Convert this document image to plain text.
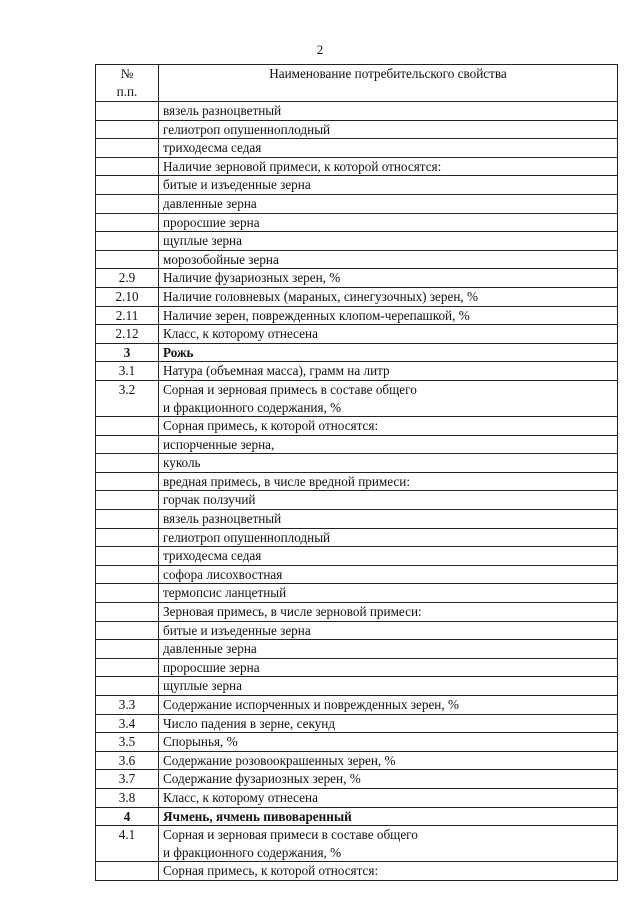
2
№
п.п.	Наименование потребительского свойства
	вязель разноцветный
	гелиотроп опушенноплодный
	триходесма седая
	Наличие зерновой примеси, к которой относятся:
	битые и изъеденные зерна
	давленные зерна
	проросшие зерна
	щуплые зерна
	морозобойные зерна
2.9	Наличие фузариозных зерен, %
2.10	Наличие головневых (мараных, синегузочных) зерен, %
2.11	Наличие зерен, поврежденных клопом-черепашкой, %
2.12	Класс, к которому отнесена
3	Рожь
3.1	Натура (объемная масса), грамм на литр
3.2	Сорная и зерновая примесь в составе общего
и фракционного содержания, %

	Сорная примесь, к которой относятся:
	испорченные зерна,
	куколь
	вредная примесь, в числе вредной примеси:
	горчак ползучий
	вязель разноцветный
	гелиотроп опушенноплодный
	триходесма седая
	софора лисохвостная
	термопсис ланцетный
	Зерновая примесь, в числе зерновой примеси:
	битые и изъеденные зерна
	давленные зерна
	проросшие зерна
	щуплые зерна
3.3	Содержание испорченных и поврежденных зерен, %
3.4	Число падения в зерне, секунд
3.5	Спорынья, %
3.6	Содержание розовоокрашенных зерен, %
3.7	Содержание фузариозных зерен, %
3.8	Класс, к которому отнесена
4	Ячмень, ячмень пивоваренный
4.1	Сорная и зерновая примеси в составе общего
и фракционного содержания, %

	Сорная примесь, к которой относятся:
